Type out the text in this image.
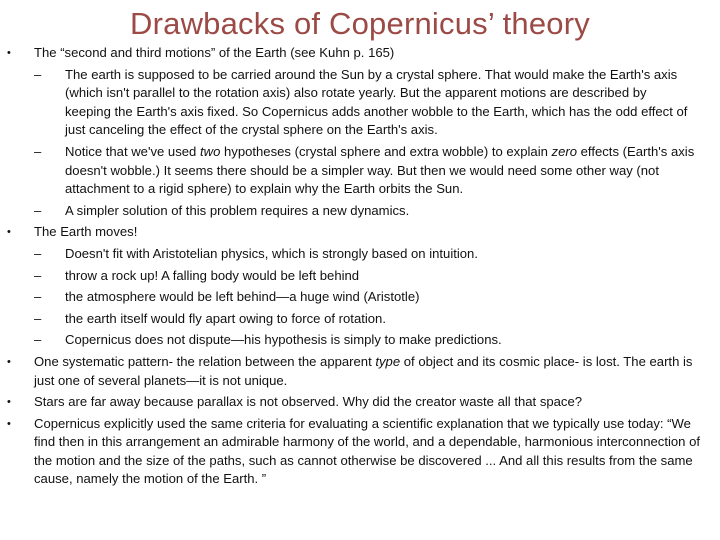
Drawbacks of Copernicus’ theory
• The “second and third motions” of the Earth (see Kuhn p. 165)
– The earth is supposed to be carried around the Sun by a crystal sphere. That would make the Earth's axis (which isn't parallel to the rotation axis) also rotate yearly. But the apparent motions are described by keeping the Earth's axis fixed. So Copernicus adds another wobble to the Earth, which has the odd effect of just canceling the effect of the crystal sphere on the Earth's axis.
– Notice that we've used two hypotheses (crystal sphere and extra wobble) to explain zero effects (Earth's axis doesn't wobble.) It seems there should be a simpler way. But then we would need some other way (not attachment to a rigid sphere) to explain why the Earth orbits the Sun.
– A simpler solution of this problem requires a new dynamics.
• The Earth moves!
– Doesn't fit with Aristotelian physics, which is strongly based on intuition.
– throw a rock up! A falling body would be left behind
– the atmosphere would be left behind—a huge wind (Aristotle)
– the earth itself would fly apart owing to force of rotation.
– Copernicus does not dispute—his hypothesis is simply to make predictions.
• One systematic pattern- the relation between the apparent type of object and its cosmic place- is lost. The earth is just one of several planets—it is not unique.
• Stars are far away because parallax is not observed. Why did the creator waste all that space?
• Copernicus explicitly used the same criteria for evaluating a scientific explanation that we typically use today: “We find then in this arrangement an admirable harmony of the world, and a dependable, harmonious interconnection of the motion and the size of the paths, such as cannot otherwise be discovered ... And all this results from the same cause, namely the motion of the Earth. ”
